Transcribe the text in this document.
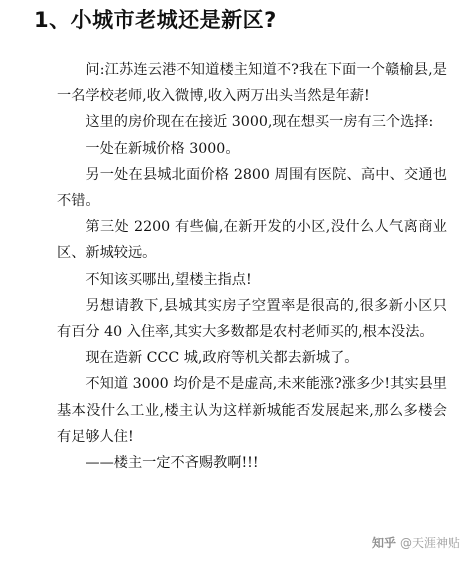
1、小城市老城还是新区?

问:江苏连云港不知道楼主知道不?我在下面一个赣榆县,是一名学校老师,收入微博,收入两万出头当然是年薪!

这里的房价现在在接近 3000,现在想买一房有三个选择:

一处在新城价格 3000。

另一处在县城北面价格 2800 周围有医院、高中、交通也不错。

第三处 2200 有些偏,在新开发的小区,没什么人气离商业区、新城较远。

不知该买哪出,望楼主指点!

另想请教下,县城其实房子空置率是很高的,很多新小区只有百分 40 入住率,其实大多数都是农村老师买的,根本没法。

现在造新 CCC 城,政府等机关都去新城了。

不知道 3000 均价是不是虚高,未来能涨?涨多少!其实县里基本没什么工业,楼主认为这样新城能否发展起来,那么多楼会有足够人住!

——楼主一定不吝赐教啊!!!

知乎 @天涯神贴
